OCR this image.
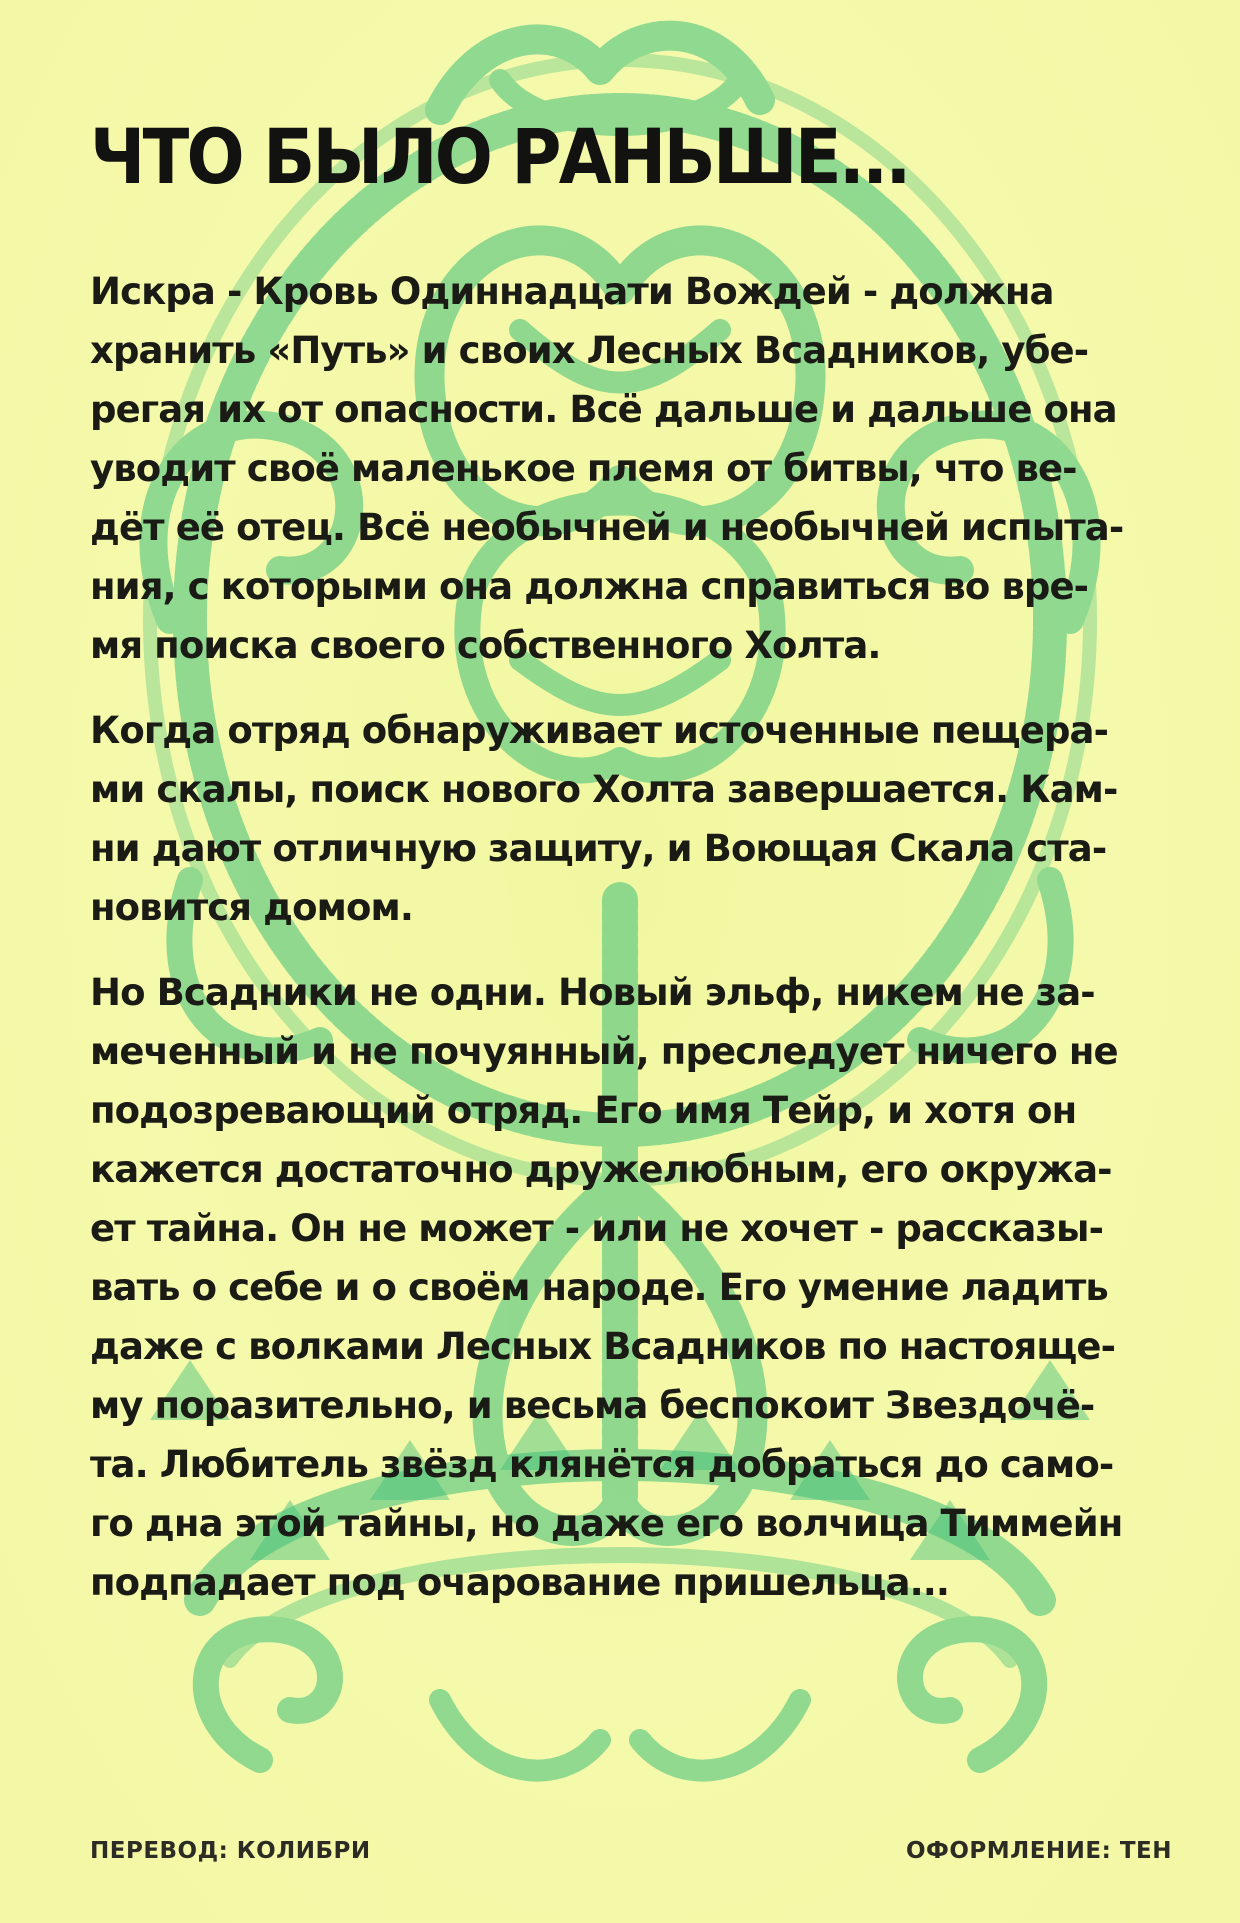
ЧТО БЫЛО РАНЬШЕ...

Искра - Кровь Одиннадцати Вождей - должна
хранить «Путь» и своих Лесных Всадников, убе-
регая их от опасности. Всё дальше и дальше она
уводит своё маленькое племя от битвы, что ве-
дёт её отец. Всё необычней и необычней испыта-
ния, с которыми она должна справиться во вре-
мя поиска своего собственного Холта.

Когда отряд обнаруживает источенные пещера-
ми скалы, поиск нового Холта завершается. Кам-
ни дают отличную защиту, и Воющая Скала ста-
новится домом.

Но Всадники не одни. Новый эльф, никем не за-
меченный и не почуянный, преследует ничего не
подозревающий отряд. Его имя Тейр, и хотя он
кажется достаточно дружелюбным, его окружа-
ет тайна. Он не может - или не хочет - рассказы-
вать о себе и о своём народе. Его умение ладить
даже с волками Лесных Всадников по настояще-
му поразительно, и весьма беспокоит Звездочё-
та. Любитель звёзд клянётся добраться до само-
го дна этой тайны, но даже его волчица Тиммейн
подпадает под очарование пришельца...

ПЕРЕВОД: КОЛИБРИ	ОФОРМЛЕНИЕ: ТЕН
